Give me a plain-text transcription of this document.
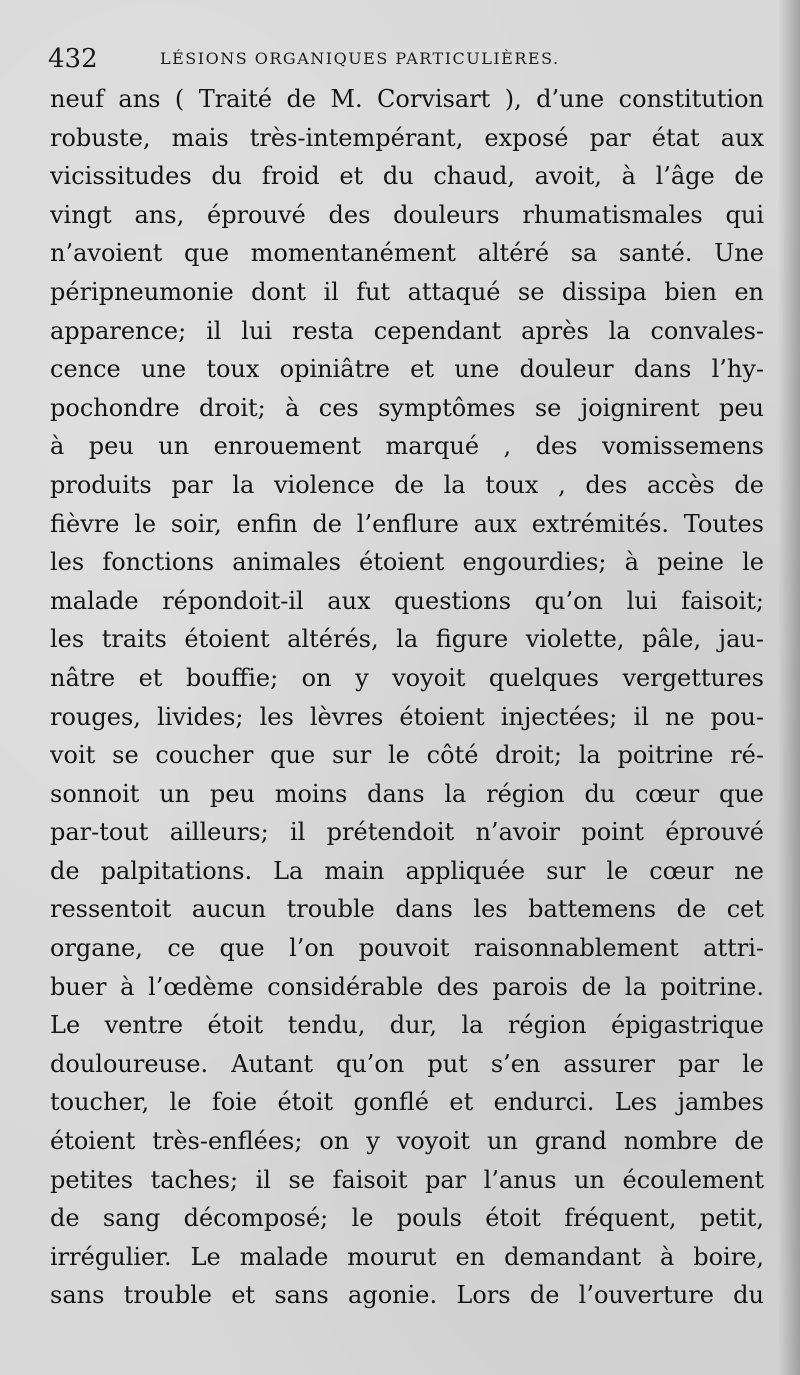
432	LÉSIONS ORGANIQUES PARTICULIÈRES.
neuf ans ( Traité de M. Corvisart ), d’une constitution
robuste, mais très-intempérant, exposé par état aux
vicissitudes du froid et du chaud, avoit, à l’âge de
vingt ans, éprouvé des douleurs rhumatismales qui
n’avoient que momentanément altéré sa santé. Une
péripneumonie dont il fut attaqué se dissipa bien en
apparence; il lui resta cependant après la convales-
cence une toux opiniâtre et une douleur dans l’hy-
pochondre droit; à ces symptômes se joignirent peu
à peu un enrouement marqué , des vomissemens
produits par la violence de la toux , des accès de
fièvre le soir, enfin de l’enflure aux extrémités. Toutes
les fonctions animales étoient engourdies; à peine le
malade répondoit-il aux questions qu’on lui faisoit;
les traits étoient altérés, la figure violette, pâle, jau-
nâtre et bouffie; on y voyoit quelques vergettures
rouges, livides; les lèvres étoient injectées; il ne pou-
voit se coucher que sur le côté droit; la poitrine ré-
sonnoit un peu moins dans la région du cœur que
par-tout ailleurs; il prétendoit n’avoir point éprouvé
de palpitations. La main appliquée sur le cœur ne
ressentoit aucun trouble dans les battemens de cet
organe, ce que l’on pouvoit raisonnablement attri-
buer à l’œdème considérable des parois de la poitrine.
Le ventre étoit tendu, dur, la région épigastrique
douloureuse. Autant qu’on put s’en assurer par le
toucher, le foie étoit gonflé et endurci. Les jambes
étoient très-enflées; on y voyoit un grand nombre de
petites taches; il se faisoit par l’anus un écoulement
de sang décomposé; le pouls étoit fréquent, petit,
irrégulier. Le malade mourut en demandant à boire,
sans trouble et sans agonie. Lors de l’ouverture du
